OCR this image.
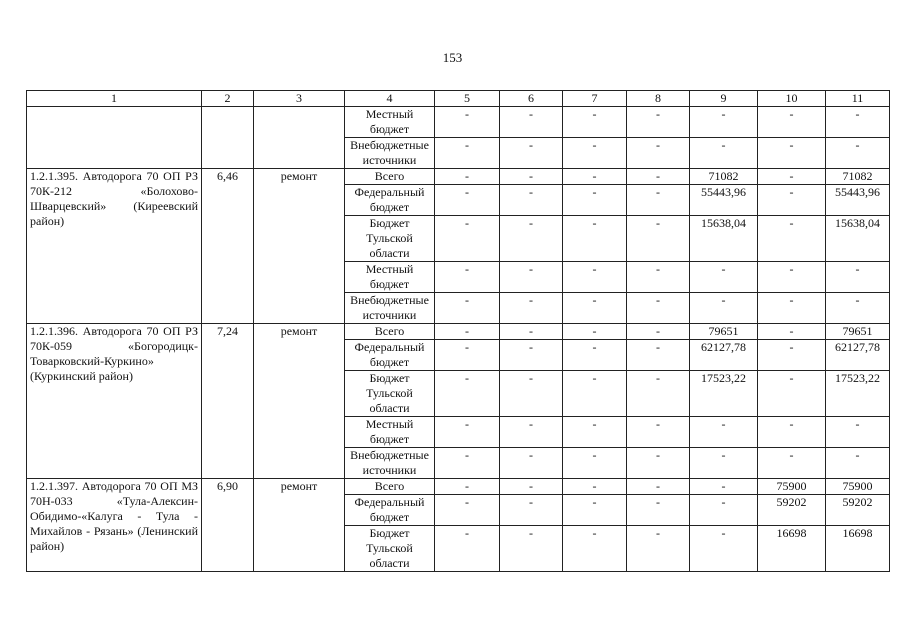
153
1	2	3	4	5	6	7	8	9	10	11
			Местный бюджет	-	-	-	-	-	-	-
			Внебюджетные источники	-	-	-	-	-	-	-
1.2.1.395. Автодорога 70 ОП РЗ 70К-212 «Болохово-Шварцевский» (Киреевский район)	6,46	ремонт	Всего	-	-	-	-	71082	-	71082
			Федеральный бюджет	-	-	-	-	55443,96	-	55443,96
			Бюджет Тульской области	-	-	-	-	15638,04	-	15638,04
			Местный бюджет	-	-	-	-	-	-	-
			Внебюджетные источники	-	-	-	-	-	-	-
1.2.1.396. Автодорога 70 ОП РЗ 70К-059 «Богородицк-Товарковский-Куркино» (Куркинский район)	7,24	ремонт	Всего	-	-	-	-	79651	-	79651
			Федеральный бюджет	-	-	-	-	62127,78	-	62127,78
			Бюджет Тульской области	-	-	-	-	17523,22	-	17523,22
			Местный бюджет	-	-	-	-	-	-	-
			Внебюджетные источники	-	-	-	-	-	-	-
1.2.1.397. Автодорога 70 ОП МЗ 70Н-033 «Тула-Алексин-Обидимо-«Калуга - Тула - Михайлов - Рязань» (Ленинский район)	6,90	ремонт	Всего	-	-	-	-	-	75900	75900
			Федеральный бюджет	-	-	-	-	-	59202	59202
			Бюджет Тульской области	-	-	-	-	-	16698	16698
